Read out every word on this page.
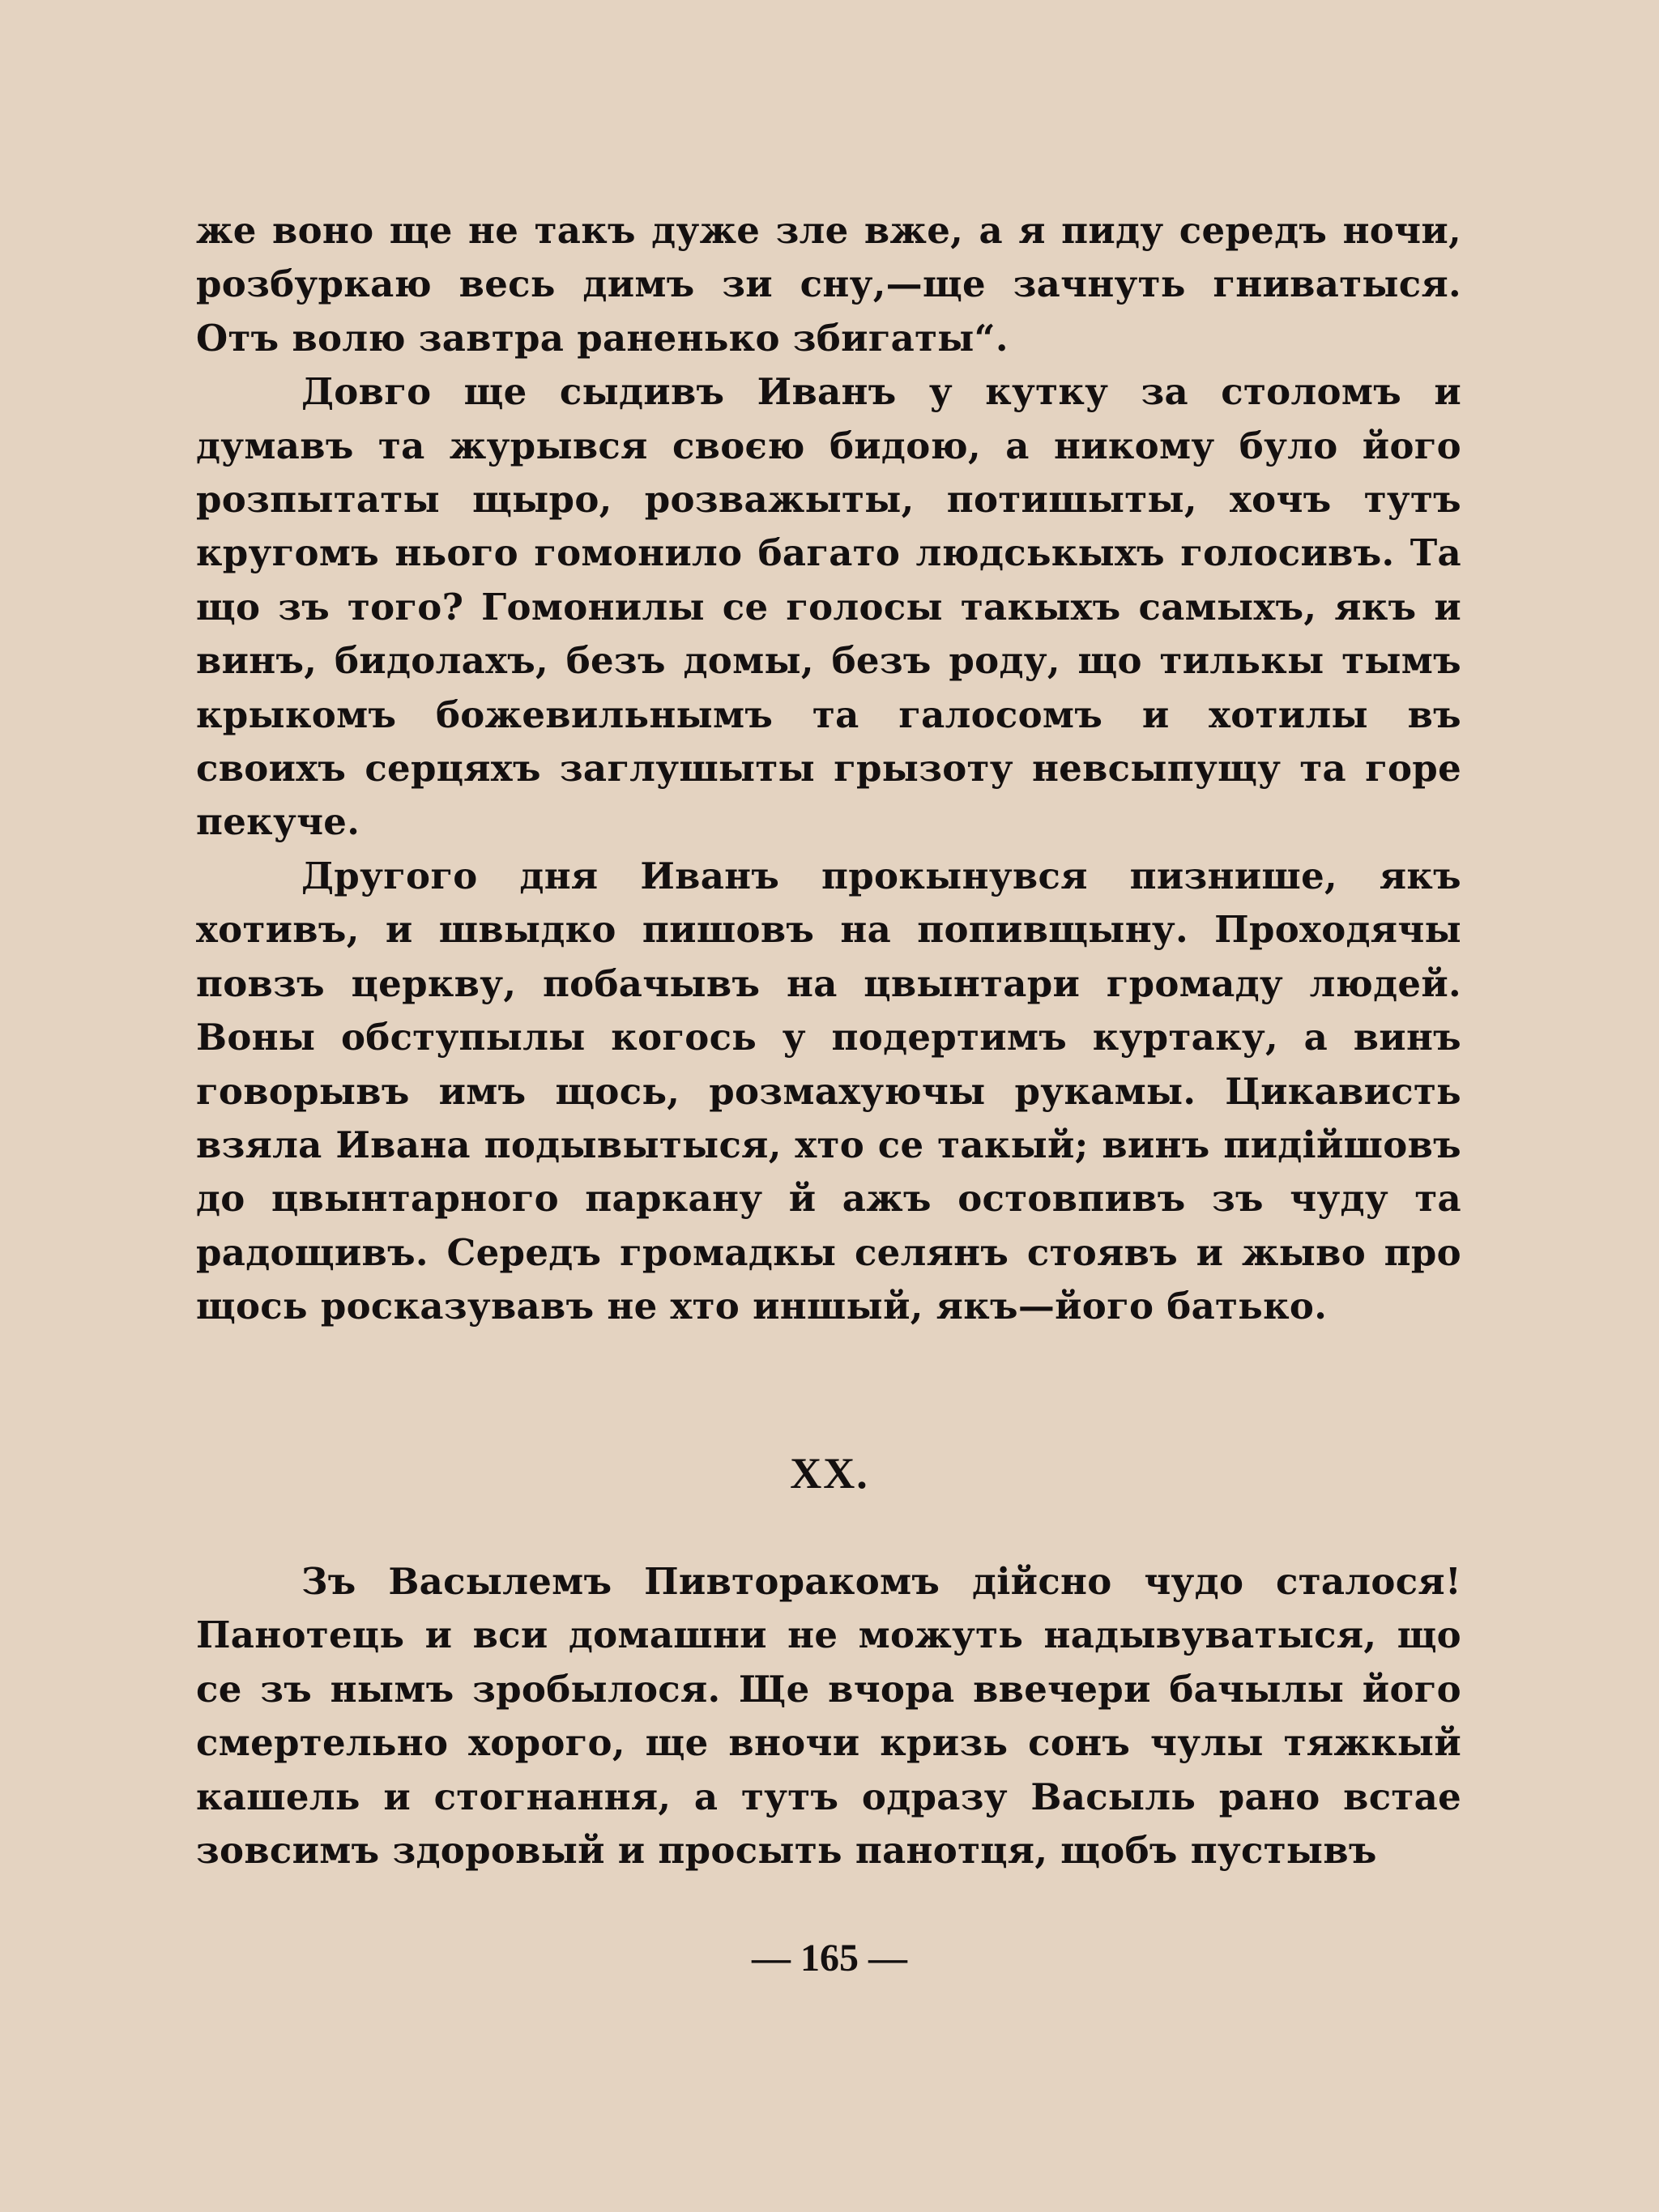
же воно ще не такъ дуже зле вже, а я пиду середъ ночи, розбуркаю весь димъ зи сну,—ще зачнуть гниватыся. Отъ волю завтра раненько збигаты“.

Довго ще сыдивъ Иванъ у кутку за столомъ и думавъ та журывся своєю бидою, а никому було його розпытаты щыро, розважыты, потишыты, хочъ тутъ кругомъ нього гомонило багато людськыхъ голосивъ. Та що зъ того? Гомонилы се голосы такыхъ самыхъ, якъ и винъ, бидолахъ, безъ домы, безъ роду, що тилькы тымъ крыкомъ божевильнымъ та галосомъ и хотилы въ своихъ серцяхъ заглушыты грызоту невсыпущу та горе пекуче.

Другого дня Иванъ прокынувся пизнише, якъ хотивъ, и швыдко пишовъ на попивщыну. Проходячы повзъ церкву, побачывъ на цвынтари громаду людей. Воны обступылы когось у подертимъ куртаку, а винъ говорывъ имъ щось, розмахуючы рукамы. Цикависть взяла Ивана подывытыся, хто се такый; винъ пидійшовъ до цвынтарного паркану й ажъ остовпивъ зъ чуду та радощивъ. Середъ громадкы селянъ стоявъ и жыво про щось росказувавъ не хто иншый, якъ—його батько.

XX.

Зъ Васылемъ Пивтоpакомъ дійсно чудо сталося! Панотець и вси домашни не можуть надывуватыся, що се зъ нымъ зробылося. Ще вчора ввечери бачылы його смертельно хорого, ще вночи кризь сонъ чулы тяжкый кашель и стогнання, а тутъ одразу Васыль рано встае зовсимъ здоровый и просыть панотця, щобъ пустывъ

— 165 —
